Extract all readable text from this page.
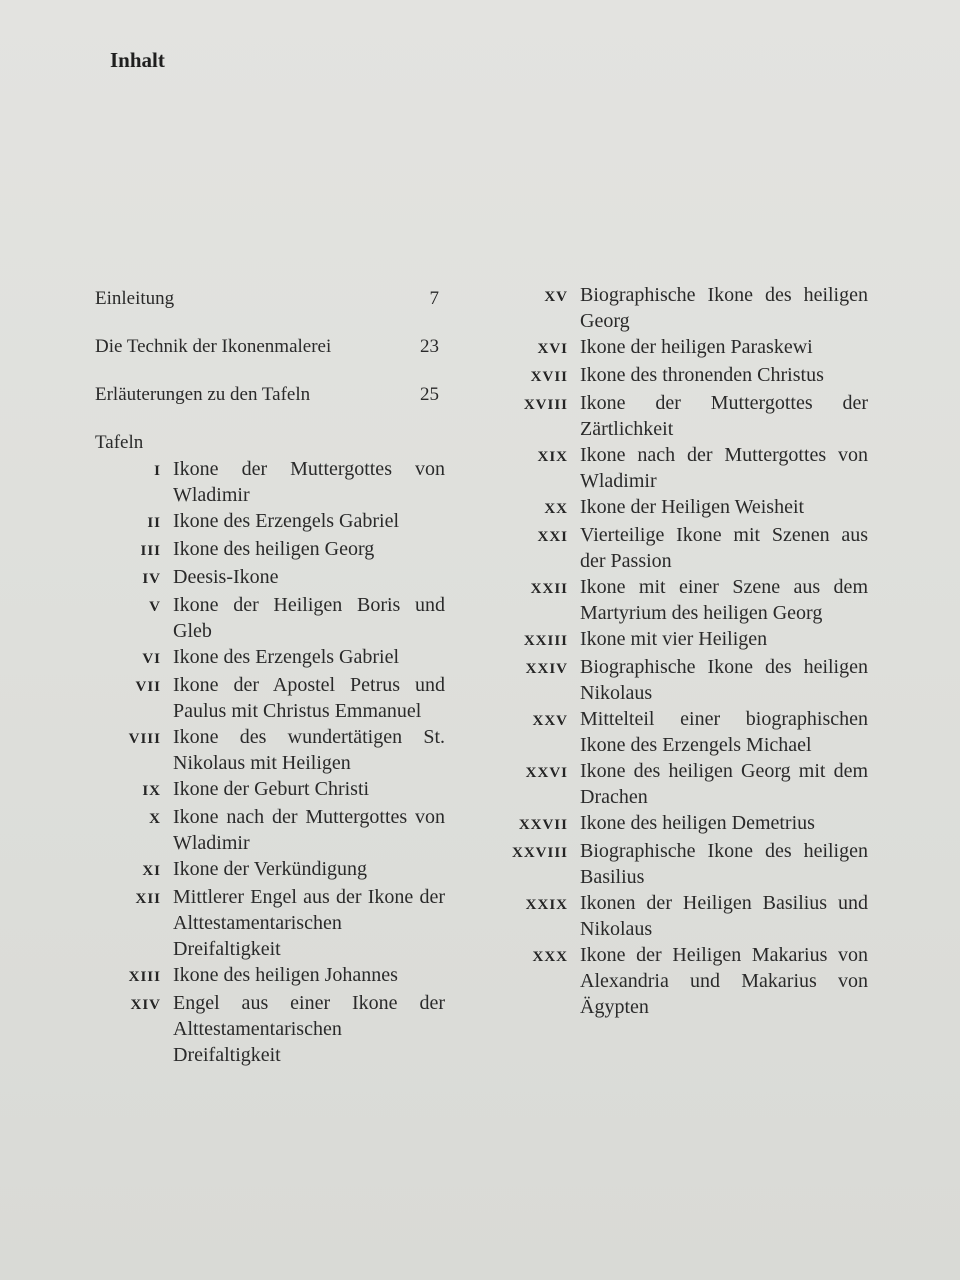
Inhalt
Einleitung	7
Die Technik der Ikonenmalerei	23
Erläuterungen zu den Tafeln	25
Tafeln
I Ikone der Muttergottes von Wladimir
II Ikone des Erzengels Gabriel
III Ikone des heiligen Georg
IV Deesis-Ikone
V Ikone der Heiligen Boris und Gleb
VI Ikone des Erzengels Gabriel
VII Ikone der Apostel Petrus und Paulus mit Christus Emmanuel
VIII Ikone des wundertätigen St. Nikolaus mit Heiligen
IX Ikone der Geburt Christi
X Ikone nach der Muttergottes von Wladimir
XI Ikone der Verkündigung
XII Mittlerer Engel aus der Ikone der Alttestamentarischen Dreifaltigkeit
XIII Ikone des heiligen Johannes
XIV Engel aus einer Ikone der Alttestamentarischen Dreifaltigkeit
XV Biographische Ikone des heiligen Georg
XVI Ikone der heiligen Paraskewi
XVII Ikone des thronenden Christus
XVIII Ikone der Muttergottes der Zärtlichkeit
XIX Ikone nach der Muttergottes von Wladimir
XX Ikone der Heiligen Weisheit
XXI Vierteilige Ikone mit Szenen aus der Passion
XXII Ikone mit einer Szene aus dem Martyrium des heiligen Georg
XXIII Ikone mit vier Heiligen
XXIV Biographische Ikone des heiligen Nikolaus
XXV Mittelteil einer biographischen Ikone des Erzengels Michael
XXVI Ikone des heiligen Georg mit dem Drachen
XXVII Ikone des heiligen Demetrius
XXVIII Biographische Ikone des heiligen Basilius
XXIX Ikonen der Heiligen Basilius und Nikolaus
XXX Ikone der Heiligen Makarius von Alexandria und Makarius von Ägypten
